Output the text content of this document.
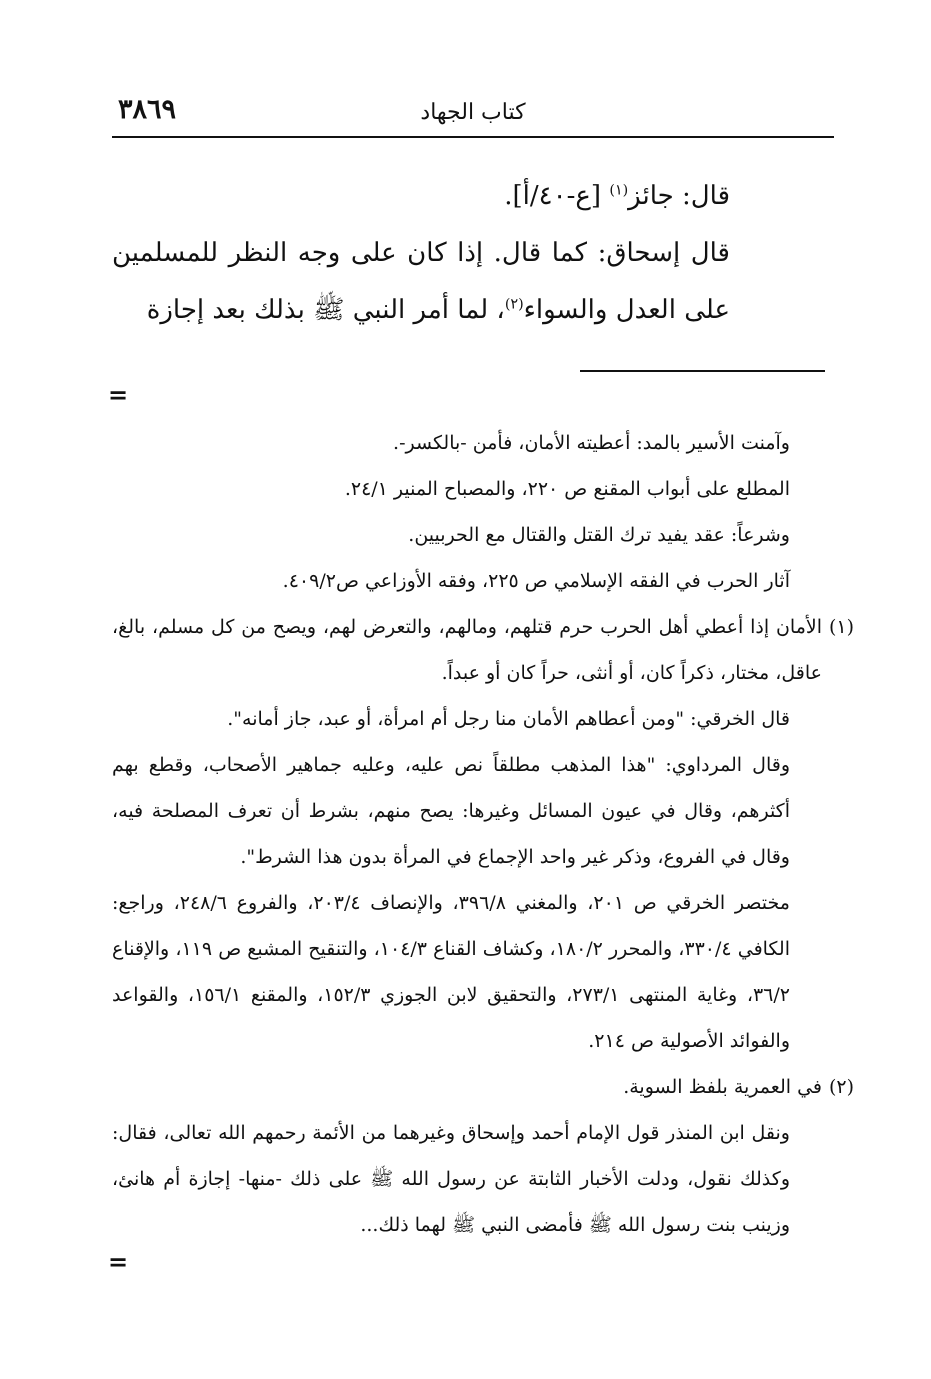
٣٨٦٩	كتاب الجهاد

قال: جائز$^{(١)}$ [ع-٤٠/أ].

قال إسحاق: كما قال. إذا كان على وجه النظر للمسلمين على العدل والسواء$^{(٢)}$، لما أمر النبي ﷺ بذلك بعد إجازة

=

وآمنت الأسير بالمد: أعطيته الأمان، فأمن -بالكسر-.

المطلع على أبواب المقنع ص ٢٢٠، والمصباح المنير ٢٤/١.

وشرعاً: عقد يفيد ترك القتل والقتال مع الحربيين.

آثار الحرب في الفقه الإسلامي ص ٢٢٥، وفقه الأوزاعي ص٤٠٩/٢.

(١)الأمان إذا أعطي أهل الحرب حرم قتلهم، ومالهم، والتعرض لهم، ويصح من كل مسلم، بالغ، عاقل، مختار، ذكراً كان، أو أنثى، حراً كان أو عبداً.

قال الخرقي: "ومن أعطاهم الأمان منا رجل أم امرأة، أو عبد، جاز أمانه".

وقال المرداوي: "هذا المذهب مطلقاً نص عليه، وعليه جماهير الأصحاب، وقطع بهم أكثرهم، وقال في عيون المسائل وغيرها: يصح منهم، بشرط أن تعرف المصلحة فيه، وقال في الفروع، وذكر غير واحد الإجماع في المرأة بدون هذا الشرط".

مختصر الخرقي ص ٢٠١، والمغني ٣٩٦/٨، والإنصاف ٢٠٣/٤، والفروع ٢٤٨/٦، وراجع: الكافي ٣٣٠/٤، والمحرر ١٨٠/٢، وكشاف القناع ١٠٤/٣، والتنقيح المشبع ص ١١٩، والإقناع ٣٦/٢، وغاية المنتهى ٢٧٣/١، والتحقيق لابن الجوزي ١٥٢/٣، والمقنع ١٥٦/١، والقواعد والفوائد الأصولية ص ٢١٤.

(٢)في العمرية بلفظ السوية.

ونقل ابن المنذر قول الإمام أحمد وإسحاق وغيرهما من الأئمة رحمهم الله تعالى، فقال: وكذلك نقول، ودلت الأخبار الثابتة عن رسول الله ﷺ على ذلك -منها- إجازة أم هانئ، وزينب بنت رسول الله ﷺ فأمضى النبي ﷺ لهما ذلك...

=
